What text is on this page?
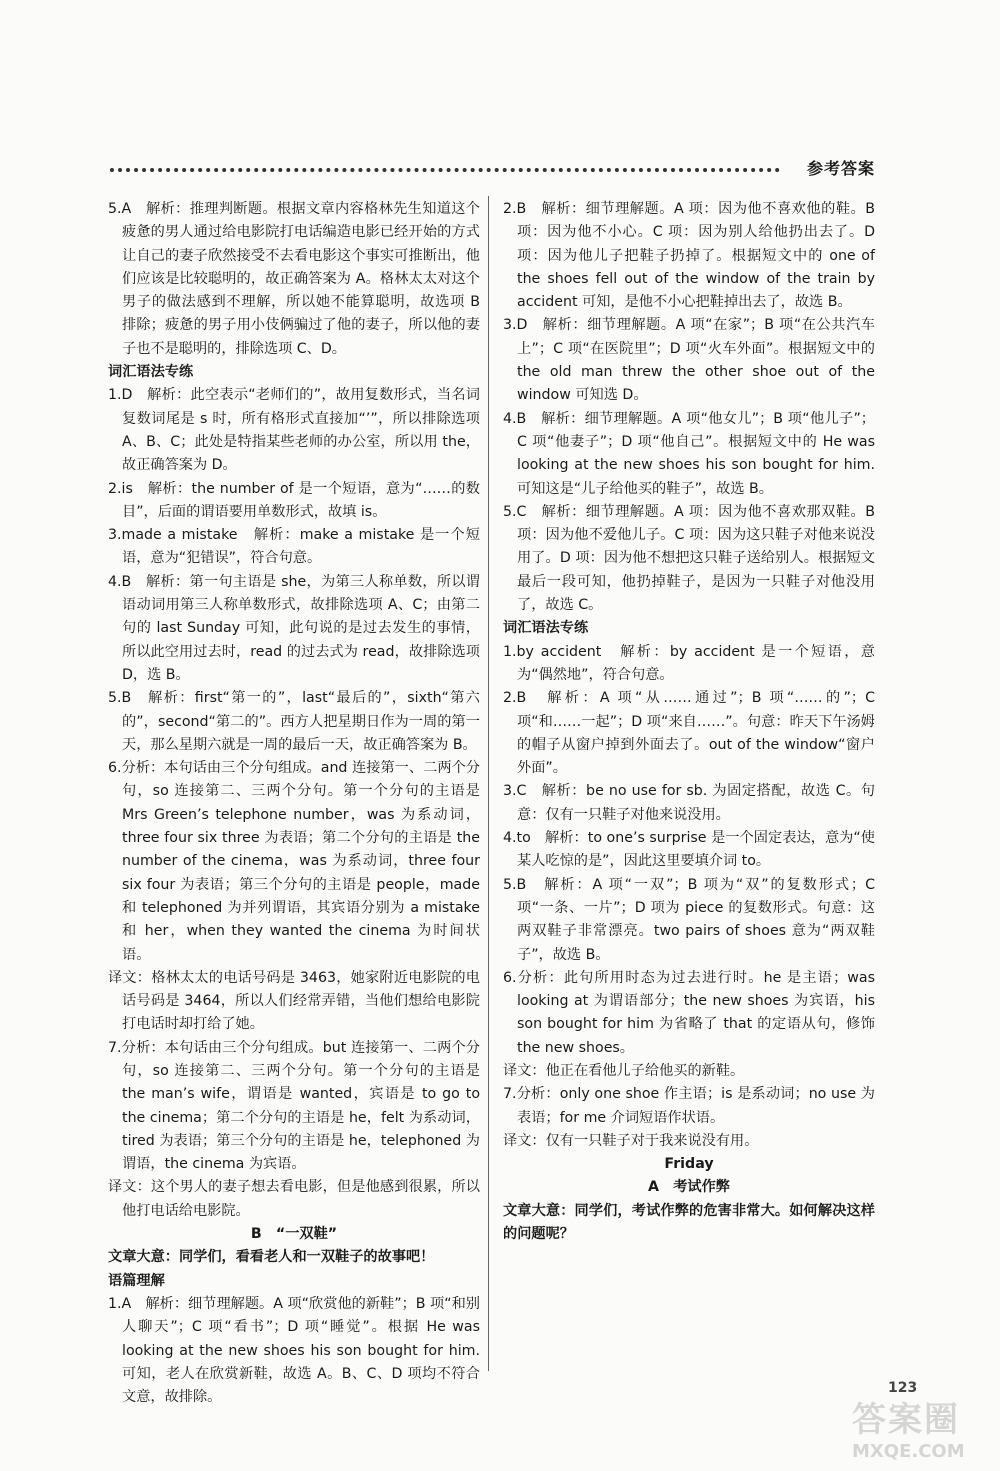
参考答案

5.A　解析：推理判断题。根据文章内容格林先生知道这个疲惫的男人通过给电影院打电话编造电影已经开始的方式让自己的妻子欣然接受不去看电影这个事实可推断出，他们应该是比较聪明的，故正确答案为 A。格林太太对这个男子的做法感到不理解，所以她不能算聪明，故选项 B 排除；疲惫的男子用小伎俩骗过了他的妻子，所以他的妻子也不是聪明的，排除选项 C、D。

词汇语法专练

1.D　解析：此空表示“老师们的”，故用复数形式，当名词复数词尾是 s 时，所有格形式直接加“’”，所以排除选项 A、B、C；此处是特指某些老师的办公室，所以用 the，故正确答案为 D。

2.is　解析：the number of 是一个短语，意为“……的数目”，后面的谓语要用单数形式，故填 is。

3.made a mistake　解析：make a mistake 是一个短语，意为“犯错误”，符合句意。

4.B　解析：第一句主语是 she，为第三人称单数，所以谓语动词用第三人称单数形式，故排除选项 A、C；由第二句的 last Sunday 可知，此句说的是过去发生的事情，所以此空用过去时，read 的过去式为 read，故排除选项 D，选 B。

5.B　解析：first“第一的”，last“最后的”，sixth“第六的”，second“第二的”。西方人把星期日作为一周的第一天，那么星期六就是一周的最后一天，故正确答案为 B。

6.分析：本句话由三个分句组成。and 连接第一、二两个分句，so 连接第二、三两个分句。第一个分句的主语是 Mrs Green’s telephone number，was 为系动词，three four six three 为表语；第二个分句的主语是 the number of the cinema，was 为系动词，three four six four 为表语；第三个分句的主语是 people，made 和 telephoned 为并列谓语，其宾语分别为 a mistake 和 her，when they wanted the cinema 为时间状语。

译文：格林太太的电话号码是 3463，她家附近电影院的电话号码是 3464，所以人们经常弄错，当他们想给电影院打电话时却打给了她。

7.分析：本句话由三个分句组成。but 连接第一、二两个分句，so 连接第二、三两个分句。第一个分句的主语是 the man’s wife，谓语是 wanted，宾语是 to go to the cinema；第二个分句的主语是 he，felt 为系动词，tired 为表语；第三个分句的主语是 he，telephoned 为谓语，the cinema 为宾语。

译文：这个男人的妻子想去看电影，但是他感到很累，所以他打电话给电影院。

B　“一双鞋”

文章大意：同学们，看看老人和一双鞋子的故事吧！

语篇理解

1.A　解析：细节理解题。A 项“欣赏他的新鞋”；B 项“和别人聊天”；C 项“看书”；D 项“睡觉”。根据 He was looking at the new shoes his son bought for him. 可知，老人在欣赏新鞋，故选 A。B、C、D 项均不符合文意，故排除。

2.B　解析：细节理解题。A 项：因为他不喜欢他的鞋。B 项：因为他不小心。C 项：因为别人给他扔出去了。D 项：因为他儿子把鞋子扔掉了。根据短文中的 one of the shoes fell out of the window of the train by accident 可知，是他不小心把鞋掉出去了，故选 B。

3.D　解析：细节理解题。A 项“在家”；B 项“在公共汽车上”；C 项“在医院里”；D 项“火车外面”。根据短文中的 the old man threw the other shoe out of the window 可知选 D。

4.B　解析：细节理解题。A 项“他女儿”；B 项“他儿子”；C 项“他妻子”；D 项“他自己”。根据短文中的 He was looking at the new shoes his son bought for him. 可知这是“儿子给他买的鞋子”，故选 B。

5.C　解析：细节理解题。A 项：因为他不喜欢那双鞋。B 项：因为他不爱他儿子。C 项：因为这只鞋子对他来说没用了。D 项：因为他不想把这只鞋子送给别人。根据短文最后一段可知，他扔掉鞋子，是因为一只鞋子对他没用了，故选 C。

词汇语法专练

1.by accident　解析：by accident 是一个短语，意为“偶然地”，符合句意。

2.B　解析：A 项“从……通过”；B 项“……的”；C 项“和……一起”；D 项“来自……”。句意：昨天下午汤姆的帽子从窗户掉到外面去了。out of the window“窗户外面”。

3.C　解析：be no use for sb. 为固定搭配，故选 C。句意：仅有一只鞋子对他来说没用。

4.to　解析：to one’s surprise 是一个固定表达，意为“使某人吃惊的是”，因此这里要填介词 to。

5.B　解析：A 项“一双”；B 项为“双”的复数形式；C 项“一条、一片”；D 项为 piece 的复数形式。句意：这两双鞋子非常漂亮。two pairs of shoes 意为“两双鞋子”，故选 B。

6.分析：此句所用时态为过去进行时。he 是主语；was looking at 为谓语部分；the new shoes 为宾语，his son bought for him 为省略了 that 的定语从句，修饰 the new shoes。

译文：他正在看他儿子给他买的新鞋。

7.分析：only one shoe 作主语；is 是系动词；no use 为表语；for me 介词短语作状语。

译文：仅有一只鞋子对于我来说没有用。

Friday

A　考试作弊

文章大意：同学们，考试作弊的危害非常大。如何解决这样的问题呢？

123
答案圈
MXQE.COM
